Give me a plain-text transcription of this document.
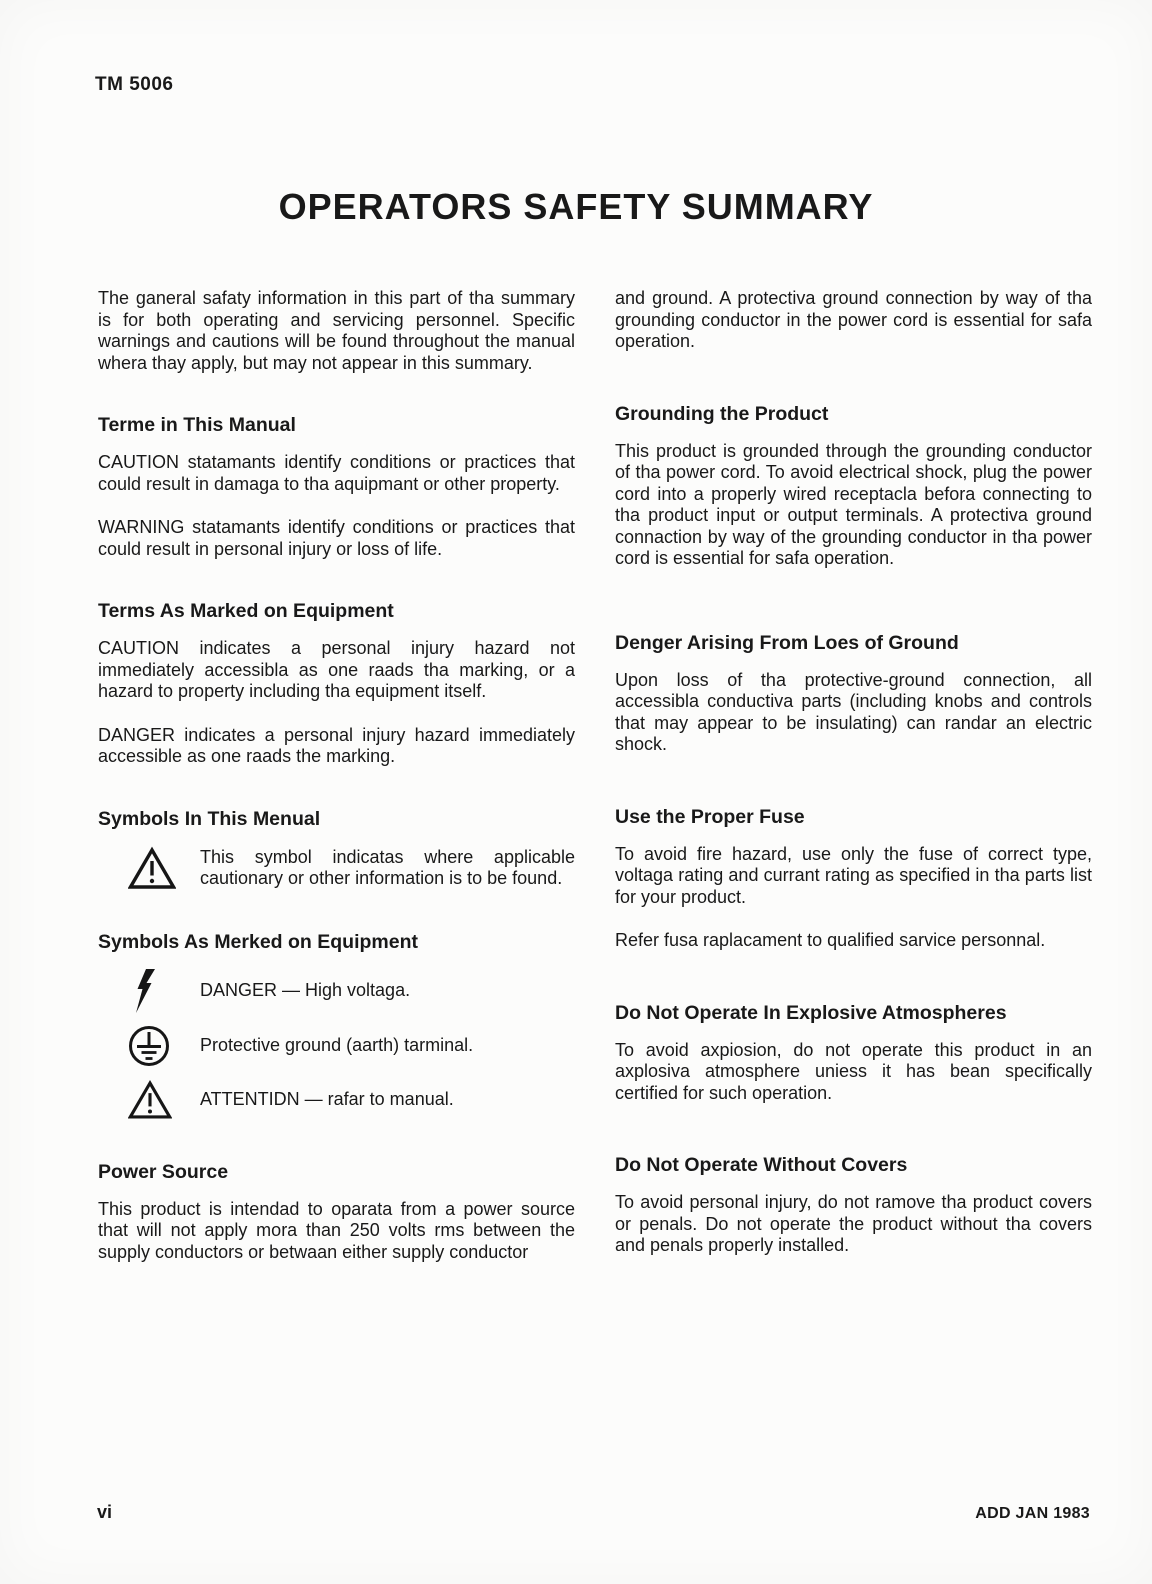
TM 5006
OPERATORS SAFETY SUMMARY

The ganeral safaty information in this part of tha summary is for both operating and servicing personnel. Specific warnings and cautions will be found throughout the manual whera thay apply, but may not appear in this summary.

Terme in This Manual

CAUTION statamants identify conditions or practices that could result in damaga to tha aquipmant or other property.

WARNING statamants identify conditions or practices that could result in personal injury or loss of life.

Terms As Marked on Equipment

CAUTION indicates a personal injury hazard not immediately accessibla as one raads tha marking, or a hazard to property including tha equipment itself.

DANGER indicates a personal injury hazard immediately accessible as one raads the marking.

Symbols In This Menual
This symbol indicatas where applicable cautionary or other information is to be found.
Symbols As Merked on Equipment
DANGER — High voltaga.
Protective ground (aarth) tarminal.
ATTENTIDN — rafar to manual.
Power Source

This product is intendad to oparata from a power source that will not apply mora than 250 volts rms between the supply conductors or betwaan either supply conductor

and ground. A protectiva ground connection by way of tha grounding conductor in the power cord is essential for safa operation.

Grounding the Product

This product is grounded through the grounding conductor of tha power cord. To avoid electrical shock, plug the power cord into a properly wired receptacla befora connecting to tha product input or output terminals. A protectiva ground connaction by way of the grounding conductor in tha power cord is essential for safa operation.

Denger Arising From Loes of Ground

Upon loss of tha protective-ground connection, all accessibla conductiva parts (including knobs and controls that may appear to be insulating) can randar an electric shock.

Use the Proper Fuse

To avoid fire hazard, use only the fuse of correct type, voltaga rating and currant rating as specified in tha parts list for your product.

Refer fusa raplacament to qualified sarvice personnal.

Do Not Operate In Explosive Atmospheres

To avoid axpiosion, do not operate this product in an axplosiva atmosphere uniess it has bean specifically certified for such operation.

Do Not Operate Without Covers

To avoid personal injury, do not ramove tha product covers or penals. Do not operate the product without tha covers and penals properly installed.

vi	ADD JAN 1983
